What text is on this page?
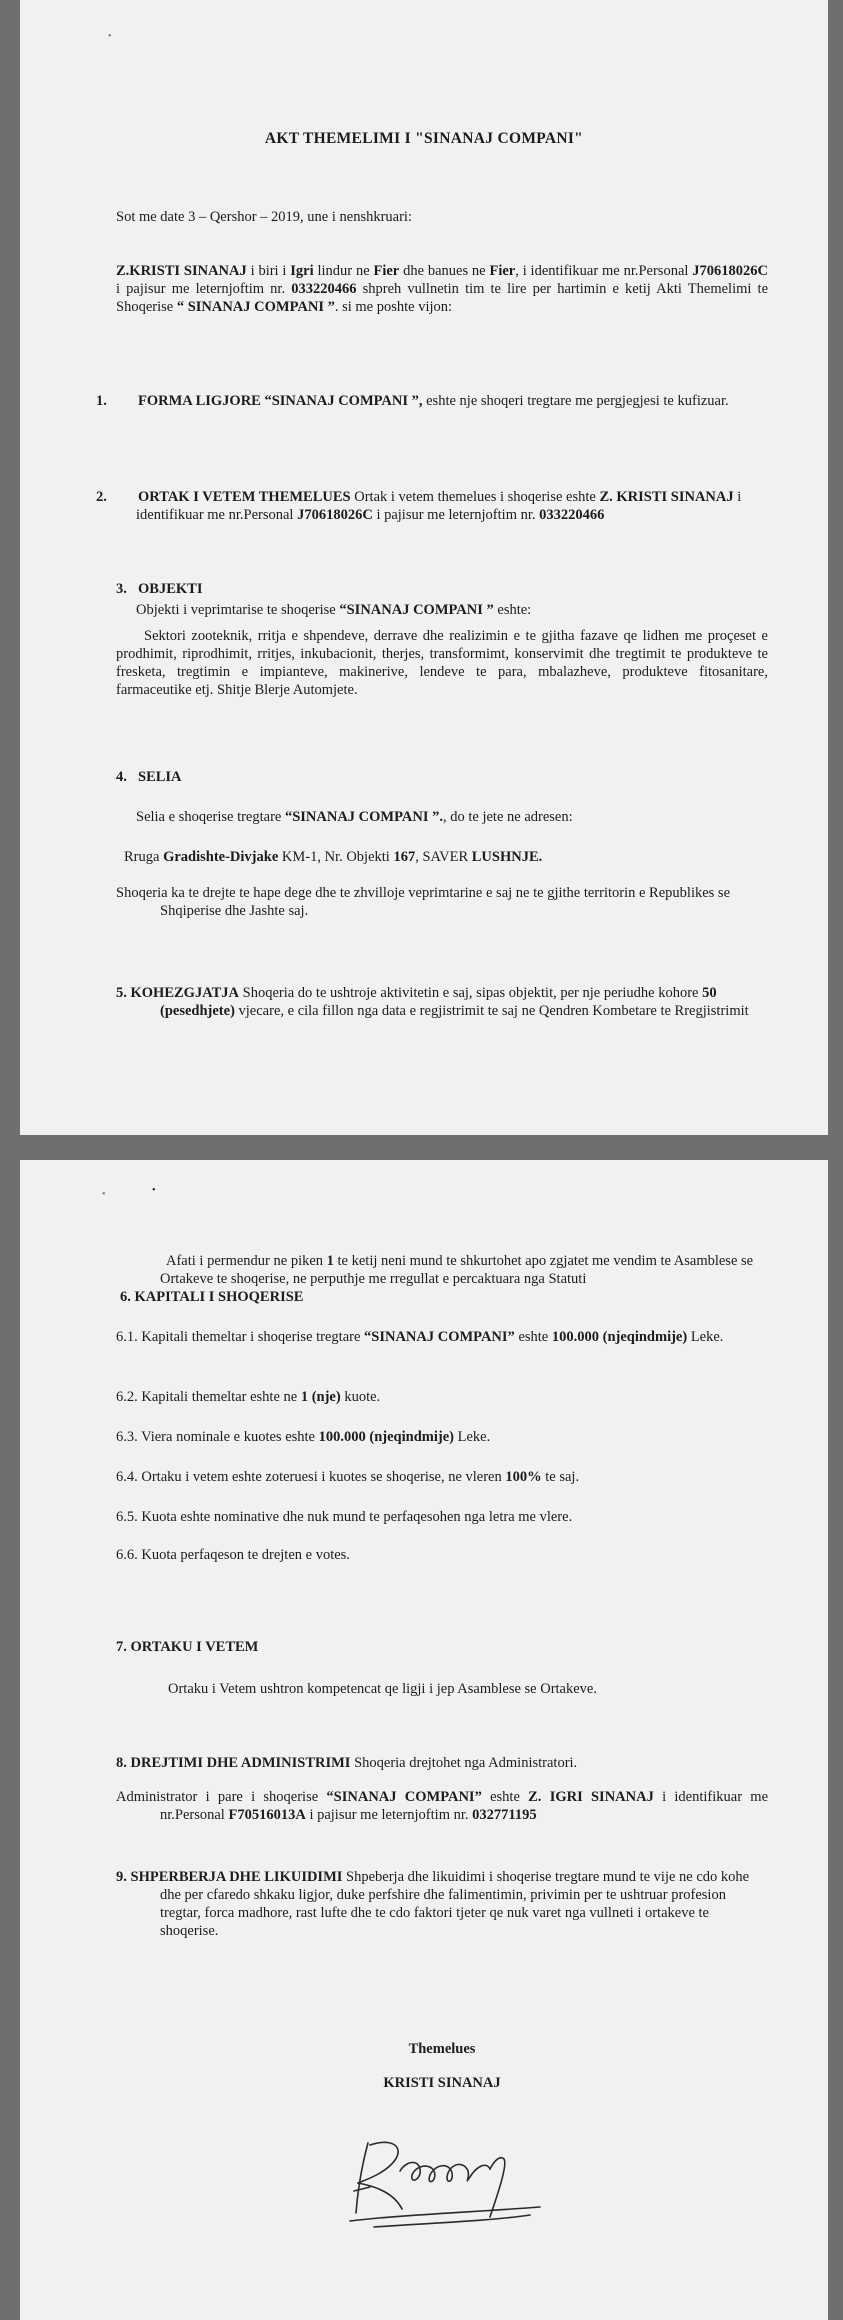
•
AKT THEMELIMI I "SINANAJ COMPANI"
Sot me date 3 – Qershor – 2019, une i nenshkruari:
Z.KRISTI SINANAJ i biri i Igri lindur ne Fier dhe banues ne Fier, i identifikuar me nr.Personal J70618026C i pajisur me leternjoftim nr. 033220466 shpreh vullnetin tim te lire per hartimin e ketij Akti Themelimi te Shoqerise “ SINANAJ COMPANI ”. si me poshte vijon:
1. FORMA LIGJORE “SINANAJ COMPANI ”, eshte nje shoqeri tregtare me pergjegjesi te kufizuar.
2. ORTAK I VETEM THEMELUES Ortak i vetem themelues i shoqerise eshte Z. KRISTI SINANAJ i identifikuar me nr.Personal J70618026C i pajisur me leternjoftim nr. 033220466
3. OBJEKTI
Objekti i veprimtarise te shoqerise “SINANAJ COMPANI ” eshte:
Sektori zooteknik, rritja e shpendeve, derrave dhe realizimin e te gjitha fazave qe lidhen me proçeset e prodhimit, riprodhimit, rritjes, inkubacionit, therjes, transformimt, konservimit dhe tregtimit te produkteve te fresketa, tregtimin e impianteve, makinerive, lendeve te para, mbalazheve, produkteve fitosanitare, farmaceutike etj. Shitje Blerje Automjete.
4. SELIA
Selia e shoqerise tregtare “SINANAJ COMPANI ”., do te jete ne adresen:
Rruga Gradishte-Divjake KM-1, Nr. Objekti 167, SAVER LUSHNJE.
Shoqeria ka te drejte te hape dege dhe te zhvilloje veprimtarine e saj ne te gjithe territorin e Republikes se Shqiperise dhe Jashte saj.
5. KOHEZGJATJA Shoqeria do te ushtroje aktivitetin e saj, sipas objektit, per nje periudhe kohore 50 (pesedhjete) vjecare, e cila fillon nga data e regjistrimit te saj ne Qendren Kombetare te Rregjistrimit
•	•
Afati i permendur ne piken 1 te ketij neni mund te shkurtohet apo zgjatet me vendim te Asamblese se Ortakeve te shoqerise, ne perputhje me rregullat e percaktuara nga Statuti
6. KAPITALI I SHOQERISE
6.1. Kapitali themeltar i shoqerise tregtare “SINANAJ COMPANI” eshte 100.000 (njeqindmije) Leke.
6.2. Kapitali themeltar eshte ne 1 (nje) kuote.
6.3. Viera nominale e kuotes eshte 100.000 (njeqindmije) Leke.
6.4. Ortaku i vetem eshte zoteruesi i kuotes se shoqerise, ne vleren 100% te saj.
6.5. Kuota eshte nominative dhe nuk mund te perfaqesohen nga letra me vlere.
6.6. Kuota perfaqeson te drejten e votes.
7. ORTAKU I VETEM
Ortaku i Vetem ushtron kompetencat qe ligji i jep Asamblese se Ortakeve.
8. DREJTIMI DHE ADMINISTRIMI Shoqeria drejtohet nga Administratori.
Administrator i pare i shoqerise “SINANAJ COMPANI” eshte Z. IGRI SINANAJ i identifikuar me nr.Personal F70516013A i pajisur me leternjoftim nr. 032771195
9. SHPERBERJA DHE LIKUIDIMI Shpeberja dhe likuidimi i shoqerise tregtare mund te vije ne cdo kohe dhe per cfaredo shkaku ligjor, duke perfshire dhe falimentimin, privimin per te ushtruar profesion tregtar, forca madhore, rast lufte dhe te cdo faktori tjeter qe nuk varet nga vullneti i ortakeve te shoqerise.
Themelues
KRISTI SINANAJ
